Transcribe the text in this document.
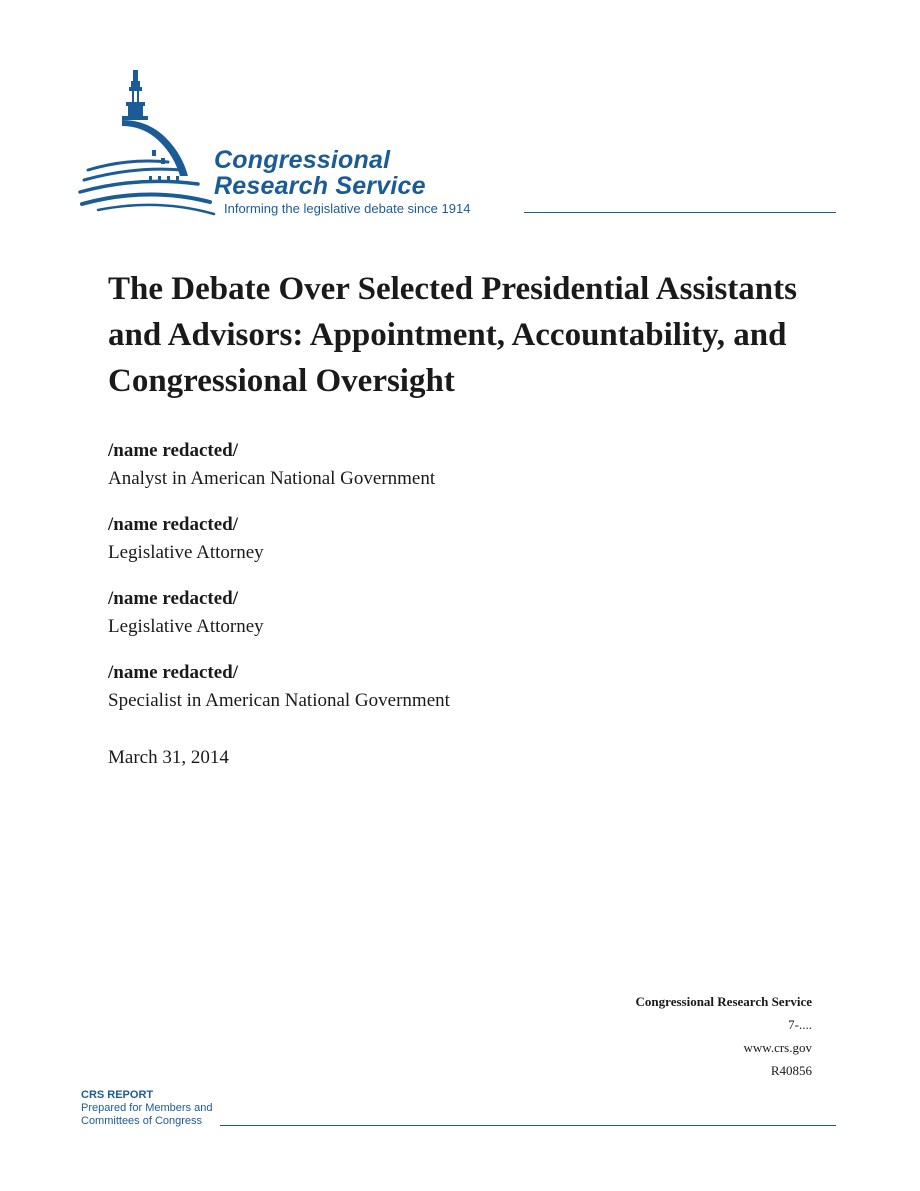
Congressional
Research Service
Informing the legislative debate since 1914
The Debate Over Selected Presidential Assistants and Advisors: Appointment, Accountability, and Congressional Oversight
/name redacted/
Analyst in American National Government
/name redacted/
Legislative Attorney
/name redacted/
Legislative Attorney
/name redacted/
Specialist in American National Government
March 31, 2014
Congressional Research Service
7-....
www.crs.gov
R40856
CRS REPORT
Prepared for Members and
Committees of Congress
